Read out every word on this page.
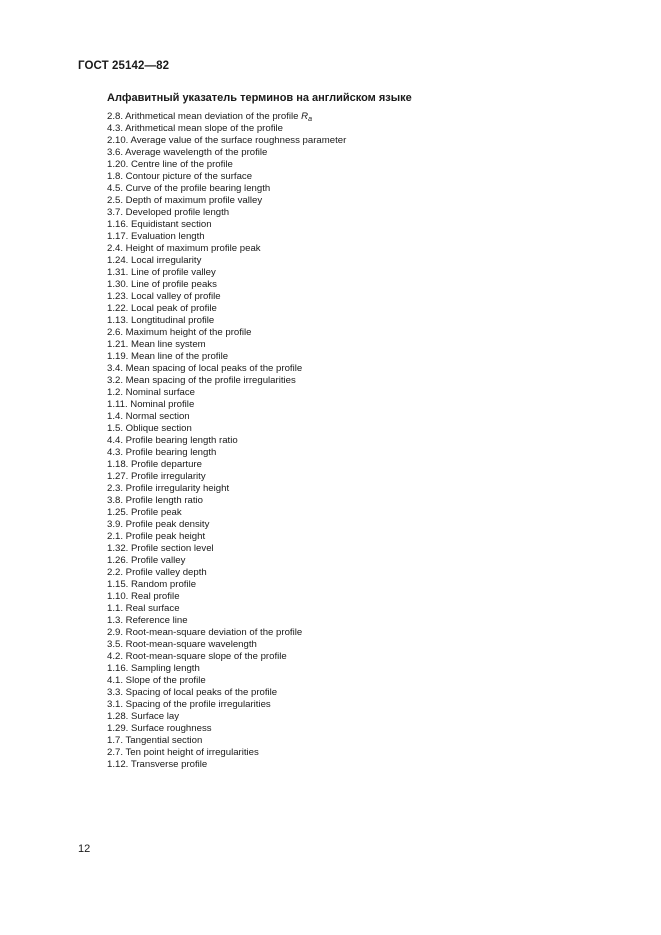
ГОСТ 25142—82
Алфавитный указатель терминов на английском языке
2.8. Arithmetical mean deviation of the profile $R_a$
4.3. Arithmetical mean slope of the profile
2.10. Average value of the surface roughness parameter
3.6. Average wavelength of the profile
1.20. Centre line of the profile
1.8. Contour picture of the surface
4.5. Curve of the profile bearing length
2.5. Depth of maximum profile valley
3.7. Developed profile length
1.16. Equidistant section
1.17. Evaluation length
2.4. Height of maximum profile peak
1.24. Local irregularity
1.31. Line of profile valley
1.30. Line of profile peaks
1.23. Local valley of profile
1.22. Local peak of profile
1.13. Longtitudinal profile
2.6. Maximum height of the profile
1.21. Mean line system
1.19. Mean line of the profile
3.4. Mean spacing of local peaks of the profile
3.2. Mean spacing of the profile irregularities
1.2. Nominal surface
1.11. Nominal profile
1.4. Normal section
1.5. Oblique section
4.4. Profile bearing length ratio
4.3. Profile bearing length
1.18. Profile departure
1.27. Profile irregularity
2.3. Profile irregularity height
3.8. Profile length ratio
1.25. Profile peak
3.9. Profile peak density
2.1. Profile peak height
1.32. Profile section level
1.26. Profile valley
2.2. Profile valley depth
1.15. Random profile
1.10. Real profile
1.1. Real surface
1.3. Reference line
2.9. Root-mean-square deviation of the profile
3.5. Root-mean-square wavelength
4.2. Root-mean-square slope of the profile
1.16. Sampling length
4.1. Slope of the profile
3.3. Spacing of local peaks of the profile
3.1. Spacing of the profile irregularities
1.28. Surface lay
1.29. Surface roughness
1.7. Tangential section
2.7. Ten point height of irregularities
1.12. Transverse profile
12
